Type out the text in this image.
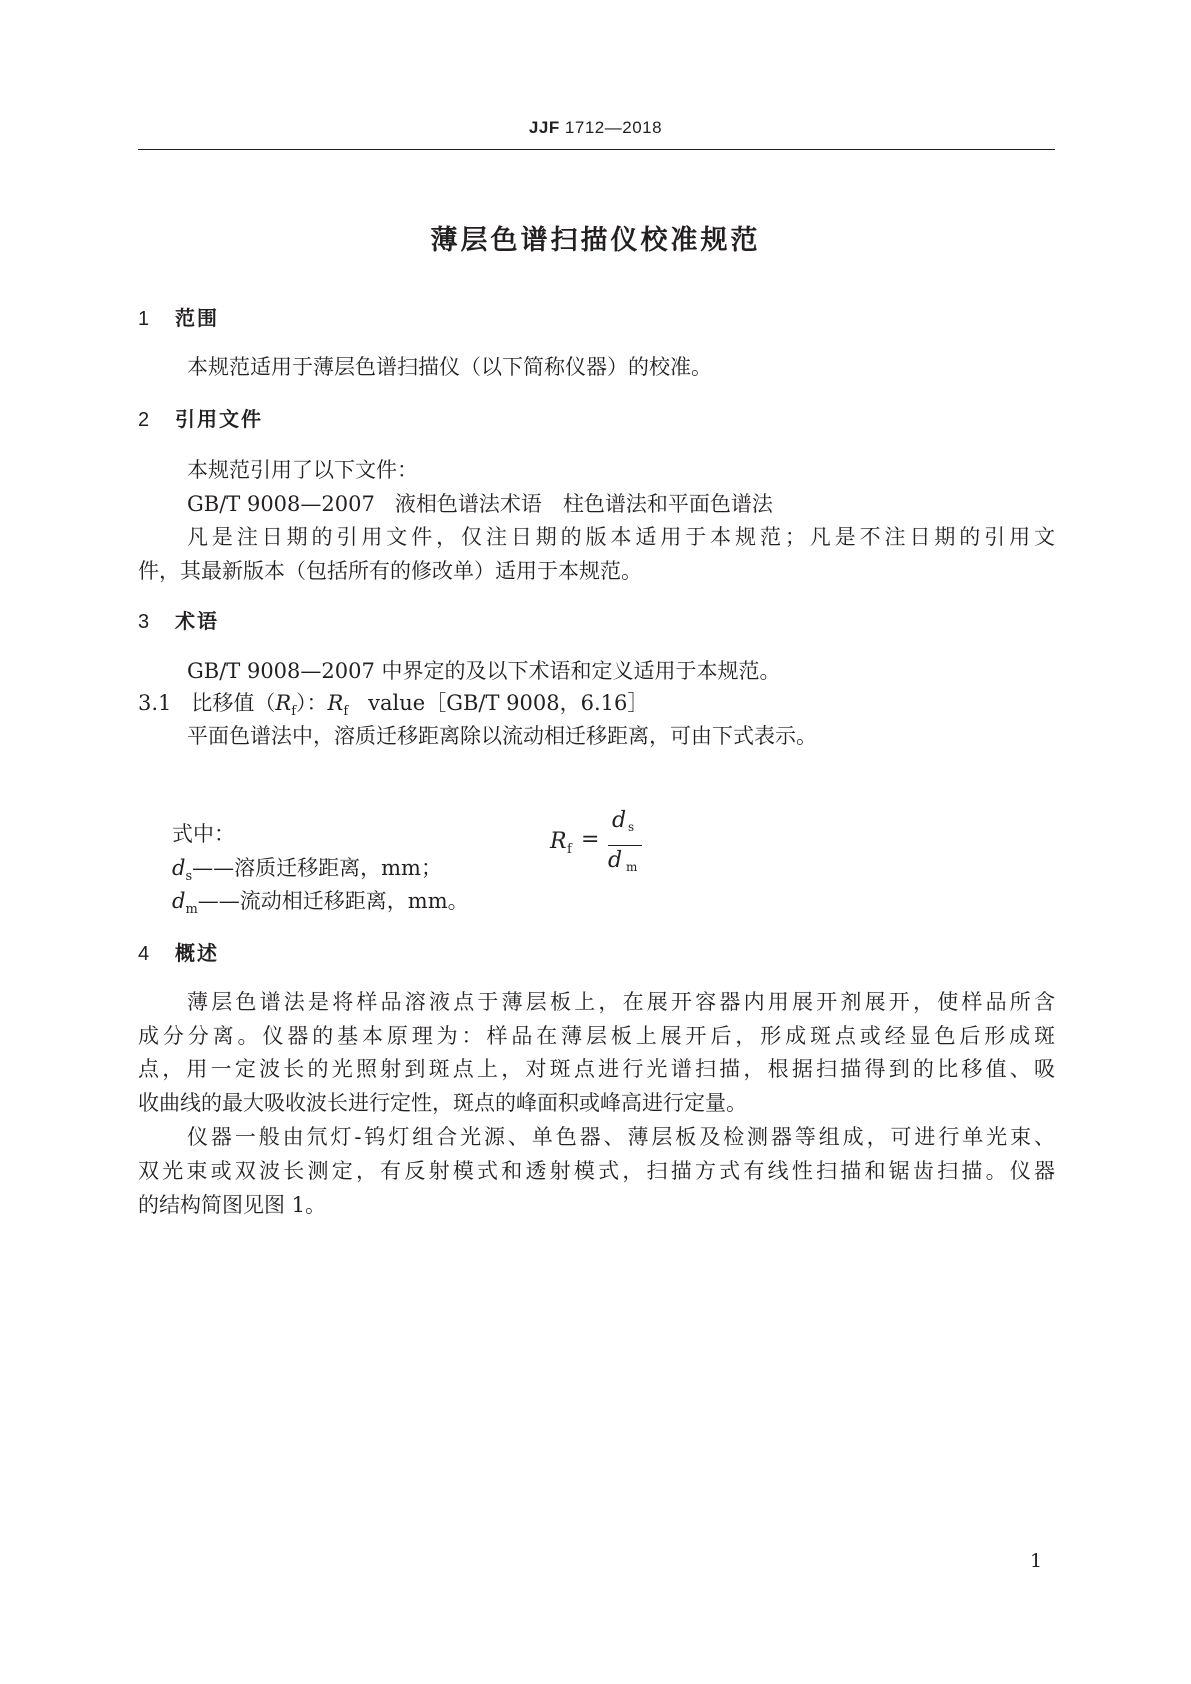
JJF 1712—2018
薄层色谱扫描仪校准规范
1 范围
本规范适用于薄层色谱扫描仪（以下简称仪器）的校准。
2 引用文件
本规范引用了以下文件：
GB/T 9008—2007 液相色谱法术语　柱色谱法和平面色谱法
凡是注日期的引用文件，仅注日期的版本适用于本规范；凡是不注日期的引用文
件，其最新版本（包括所有的修改单）适用于本规范。
3 术语
GB/T 9008—2007 中界定的及以下术语和定义适用于本规范。
3.1 比移值$(R_f)$：$R_f$ value［GB/T 9008，6.16］
平面色谱法中，溶质迁移距离除以流动相迁移距离，可由下式表示。
R f =
d s
d m
式中：
$d_s——$溶质迁移距离，mm；
$d_m——$流动相迁移距离，mm。
4 概述
薄层色谱法是将样品溶液点于薄层板上，在展开容器内用展开剂展开，使样品所含
成分分离。仪器的基本原理为：样品在薄层板上展开后，形成斑点或经显色后形成斑
点，用一定波长的光照射到斑点上，对斑点进行光谱扫描，根据扫描得到的比移值、吸
收曲线的最大吸收波长进行定性，斑点的峰面积或峰高进行定量。
仪器一般由氘灯-钨灯组合光源、单色器、薄层板及检测器等组成，可进行单光束、
双光束或双波长测定，有反射模式和透射模式，扫描方式有线性扫描和锯齿扫描。仪器
的结构简图见图 1。
1
